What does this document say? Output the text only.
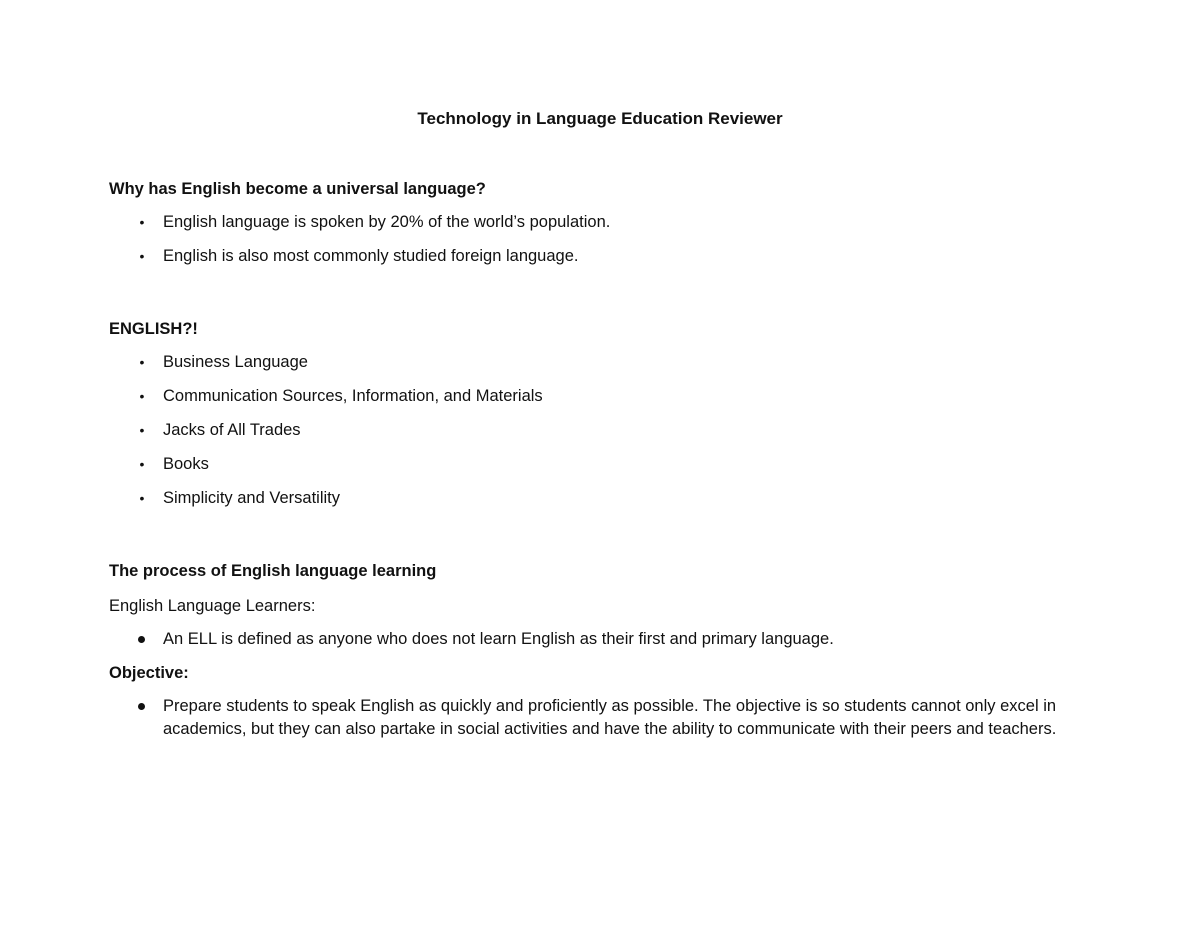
Technology in Language Education Reviewer

Why has English become a universal language?

•
English language is spoken by 20% of the world’s population.
•
English is also most commonly studied foreign language.

ENGLISH?!

•
Business Language
•
Communication Sources, Information, and Materials
•
Jacks of All Trades
•
Books
•
Simplicity and Versatility

The process of English language learning

English Language Learners:

An ELL is defined as anyone who does not learn English as their first and primary language.

Objective:

Prepare students to speak English as quickly and proficiently as possible. The objective is so students cannot only excel in academics, but they can also partake in social activities and have the ability to communicate with their peers and teachers.
